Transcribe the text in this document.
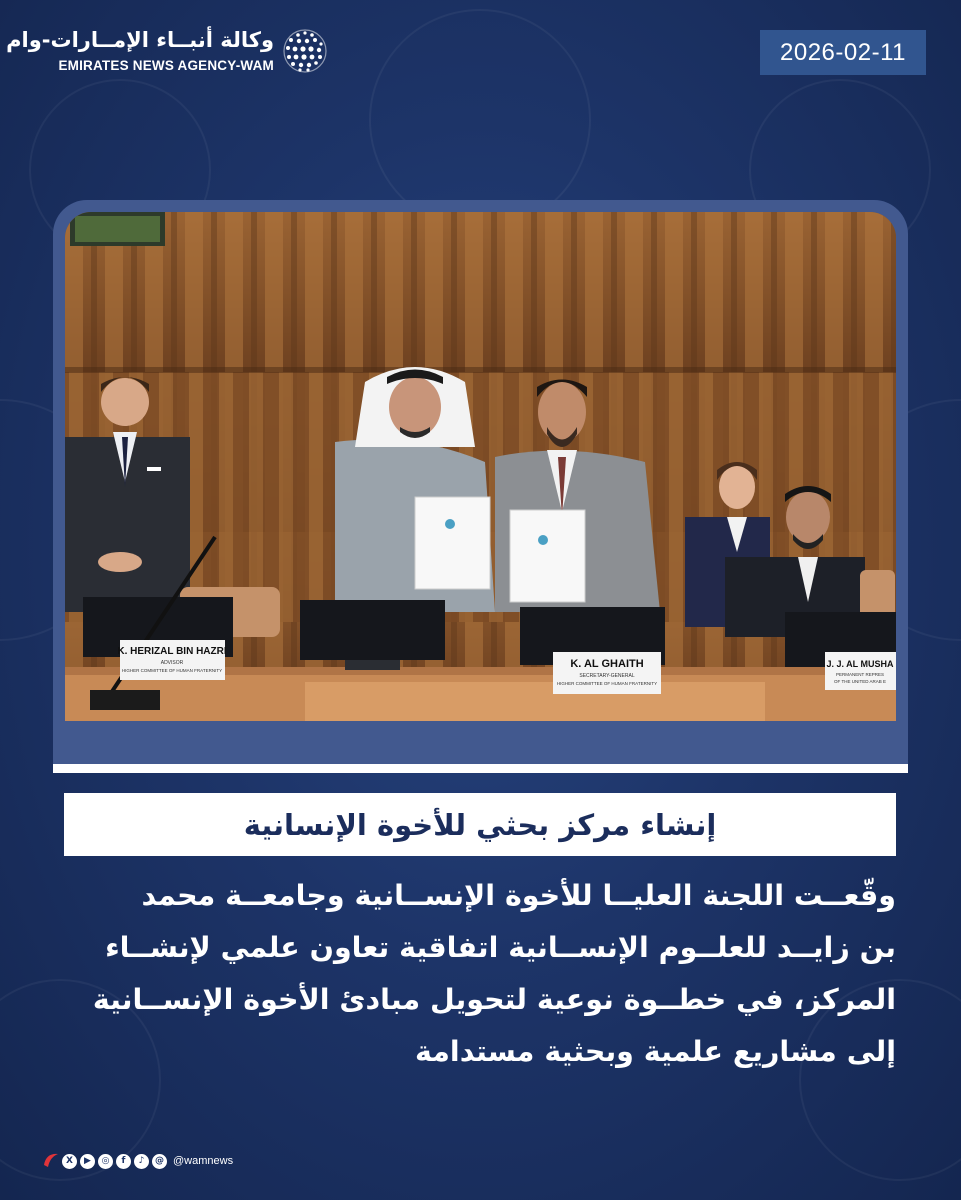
وكالة أنبــاء الإمــارات-وام
EMIRATES NEWS AGENCY-WAM	2026-02-11
K. HERIZAL BIN HAZRI
ADVISOR
HIGHER COMMITTEE OF HUMAN FRATERNITY
K. AL GHAITH
SECRETARY-GENERAL
HIGHER COMMITTEE OF HUMAN FRATERNITY
J. J. AL MUSHA
PERMANENT REPRES
OF THE UNITED ARAB E
إنشاء مركز بحثي للأخوة الإنسانية
وقّعــت اللجنة العليــا للأخوة الإنســانية وجامعــة محمد
بن زايــد للعلــوم الإنســانية اتفاقية تعاون علمي لإنشــاء
المركز، في خطــوة نوعية لتحويل مبادئ الأخوة الإنســانية
إلى مشاريع علمية وبحثية مستدامة
X	▶	◎	f	♪	@ @wamnews
